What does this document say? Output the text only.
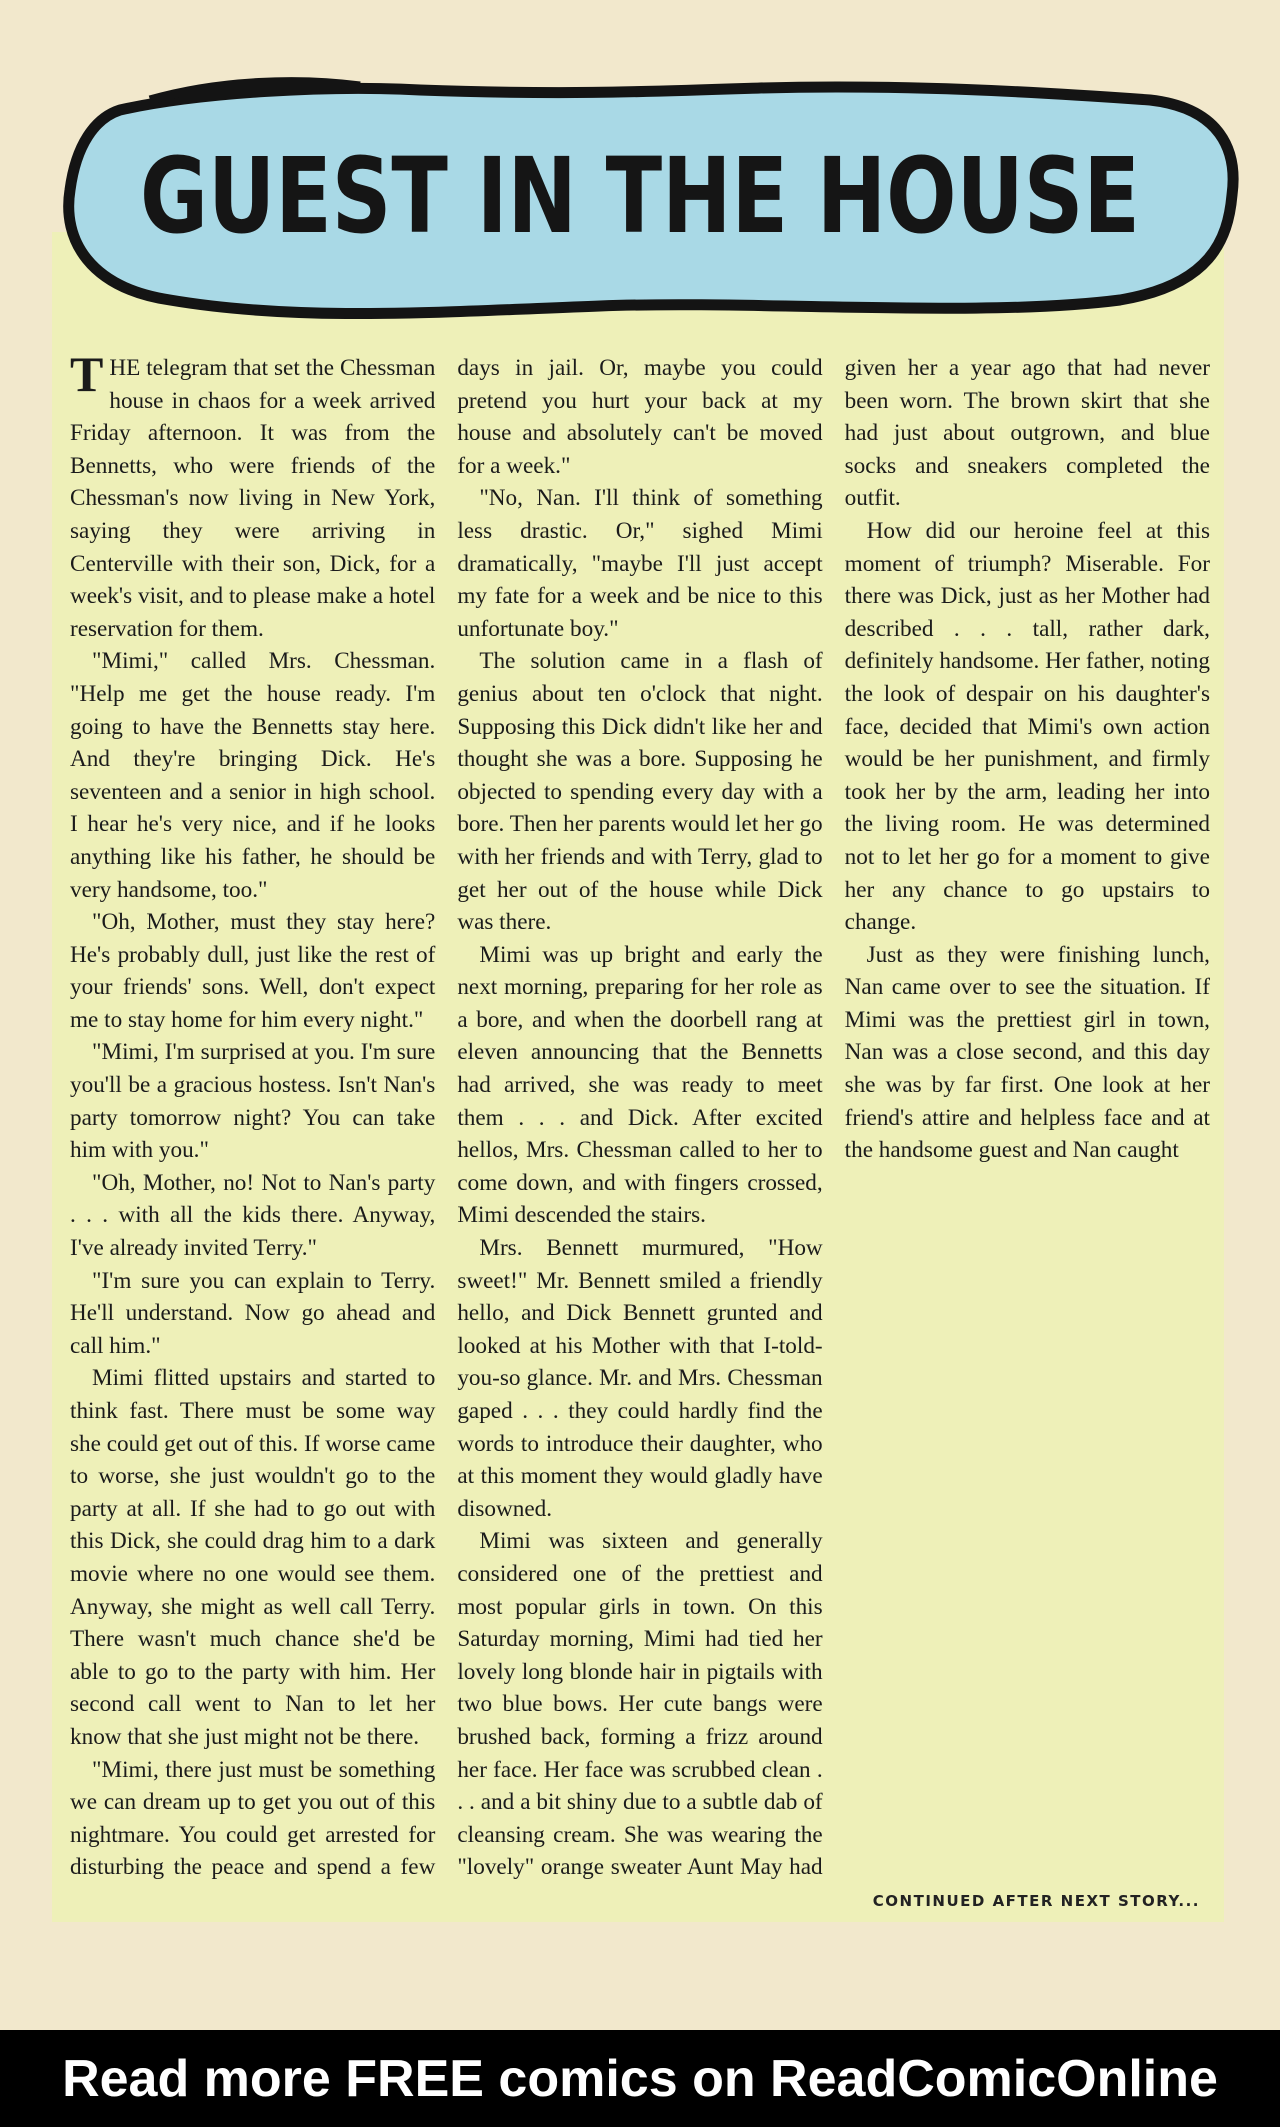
GUEST IN THE HOUSE

THE telegram that set the Chessman house in chaos for a week arrived Friday afternoon. It was from the Bennetts, who were friends of the Chessman's now living in New York, saying they were arriving in Centerville with their son, Dick, for a week's visit, and to please make a hotel reservation for them.

"Mimi," called Mrs. Chessman. "Help me get the house ready. I'm going to have the Bennetts stay here. And they're bringing Dick. He's seventeen and a senior in high school. I hear he's very nice, and if he looks anything like his father, he should be very handsome, too."

"Oh, Mother, must they stay here? He's probably dull, just like the rest of your friends' sons. Well, don't expect me to stay home for him every night."

"Mimi, I'm surprised at you. I'm sure you'll be a gracious hostess. Isn't Nan's party tomorrow night? You can take him with you."

"Oh, Mother, no! Not to Nan's party . . . with all the kids there. Anyway, I've already invited Terry."

"I'm sure you can explain to Terry. He'll understand. Now go ahead and call him."

Mimi flitted upstairs and started to think fast. There must be some way she could get out of this. If worse came to worse, she just wouldn't go to the party at all. If she had to go out with this Dick, she could drag him to a dark movie where no one would see them. Anyway, she might as well call Terry. There wasn't much chance she'd be able to go to the party with him. Her second call went to Nan to let her know that she just might not be there.

"Mimi, there just must be something we can dream up to get you out of this nightmare. You could get arrested for disturbing the peace and spend a few days in jail. Or, maybe you could pretend you hurt your back at my house and absolutely can't be moved for a week."

"No, Nan. I'll think of something less drastic. Or," sighed Mimi dramatically, "maybe I'll just accept my fate for a week and be nice to this unfortunate boy."

The solution came in a flash of genius about ten o'clock that night. Supposing this Dick didn't like her and thought she was a bore. Supposing he objected to spending every day with a bore. Then her parents would let her go with her friends and with Terry, glad to get her out of the house while Dick was there.

Mimi was up bright and early the next morning, preparing for her role as a bore, and when the doorbell rang at eleven announcing that the Bennetts had arrived, she was ready to meet them . . . and Dick. After excited hellos, Mrs. Chessman called to her to come down, and with fingers crossed, Mimi descended the stairs.

Mrs. Bennett murmured, "How sweet!" Mr. Bennett smiled a friendly hello, and Dick Bennett grunted and looked at his Mother with that I-told-you-so glance. Mr. and Mrs. Chessman gaped . . . they could hardly find the words to introduce their daughter, who at this moment they would gladly have disowned.

Mimi was sixteen and generally considered one of the prettiest and most popular girls in town. On this Saturday morning, Mimi had tied her lovely long blonde hair in pigtails with two blue bows. Her cute bangs were brushed back, forming a frizz around her face. Her face was scrubbed clean . . . and a bit shiny due to a subtle dab of cleansing cream. She was wearing the "lovely" orange sweater Aunt May had given her a year ago that had never been worn. The brown skirt that she had just about outgrown, and blue socks and sneakers completed the outfit.

How did our heroine feel at this moment of triumph? Miserable. For there was Dick, just as her Mother had described . . . tall, rather dark, definitely handsome. Her father, noting the look of despair on his daughter's face, decided that Mimi's own action would be her punishment, and firmly took her by the arm, leading her into the living room. He was determined not to let her go for a moment to give her any chance to go upstairs to change.

Just as they were finishing lunch, Nan came over to see the situation. If Mimi was the prettiest girl in town, Nan was a close second, and this day she was by far first. One look at her friend's attire and helpless face and at the handsome guest and Nan caught

CONTINUED AFTER NEXT STORY...
Read more FREE comics on ReadComicOnline
